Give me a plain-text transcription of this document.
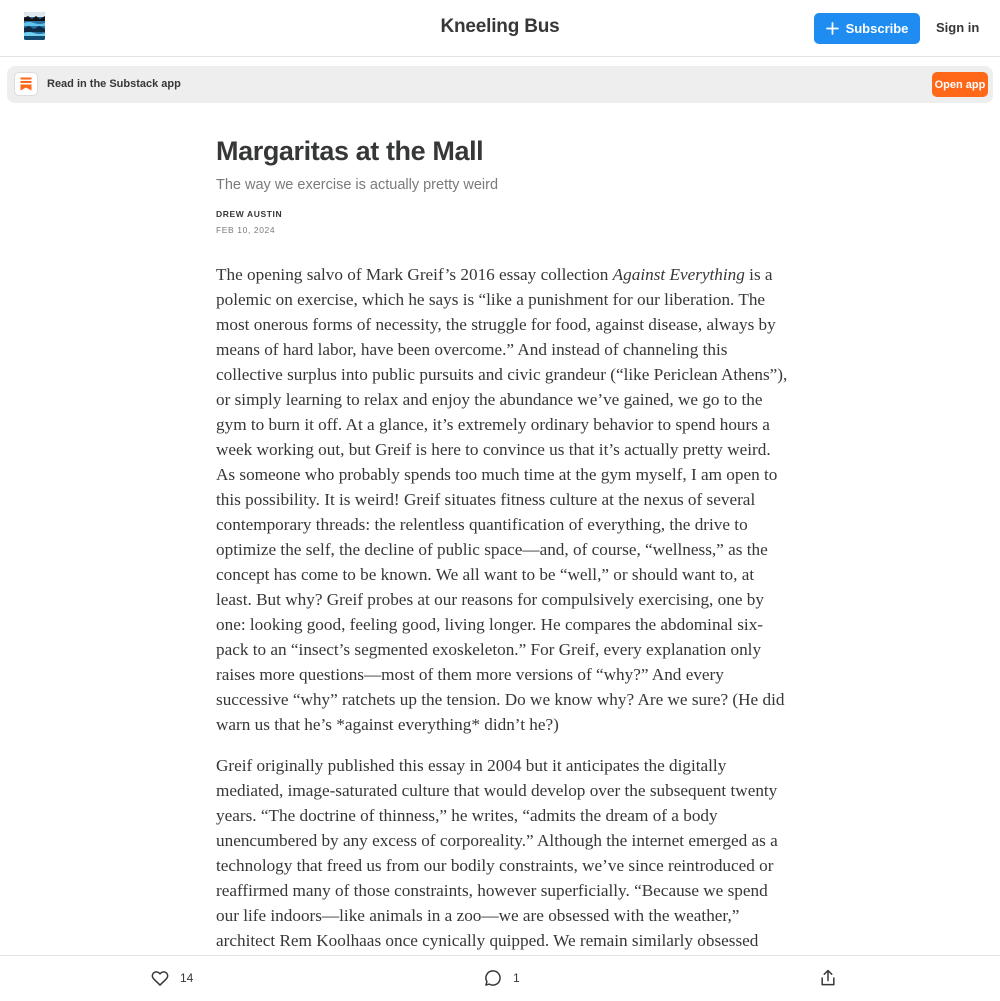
Kneeling Bus	Subscribe Sign in
Read in the Substack app	Open app
Margaritas at the Mall
The way we exercise is actually pretty weird
DREW AUSTIN
FEB 10, 2024

The opening salvo of Mark Greif’s 2016 essay collection Against Everything is a polemic on exercise, which he says is “like a punishment for our liberation. The most onerous forms of necessity, the struggle for food, against disease, always by means of hard labor, have been overcome.” And instead of channeling this collective surplus into public pursuits and civic grandeur (“like Periclean Athens”), or simply learning to relax and enjoy the abundance we’ve gained, we go to the gym to burn it off. At a glance, it’s extremely ordinary behavior to spend hours a week working out, but Greif is here to convince us that it’s actually pretty weird. As someone who probably spends too much time at the gym myself, I am open to this possibility. It is weird! Greif situates fitness culture at the nexus of several contemporary threads: the relentless quantification of everything, the drive to optimize the self, the decline of public space—and, of course, “wellness,” as the concept has come to be known. We all want to be “well,” or should want to, at least. But why? Greif probes at our reasons for compulsively exercising, one by one: looking good, feeling good, living longer. He compares the abdominal six-pack to an “insect’s segmented exoskeleton.” For Greif, every explanation only raises more questions—most of them more versions of “why?” And every successive “why” ratchets up the tension. Do we know why? Are we sure? (He did warn us that he’s *against everything* didn’t he?)

Greif originally published this essay in 2004 but it anticipates the digitally mediated, image-saturated culture that would develop over the subsequent twenty years. “The doctrine of thinness,” he writes, “admits the dream of a body unencumbered by any excess of corporeality.” Although the internet emerged as a technology that freed us from our bodily constraints, we’ve since reintroduced or reaffirmed many of those constraints, however superficially. “Because we spend our life indoors—like animals in a zoo—we are obsessed with the weather,” architect Rem Koolhaas once cynically quipped. We remain similarly obsessed

14	1
